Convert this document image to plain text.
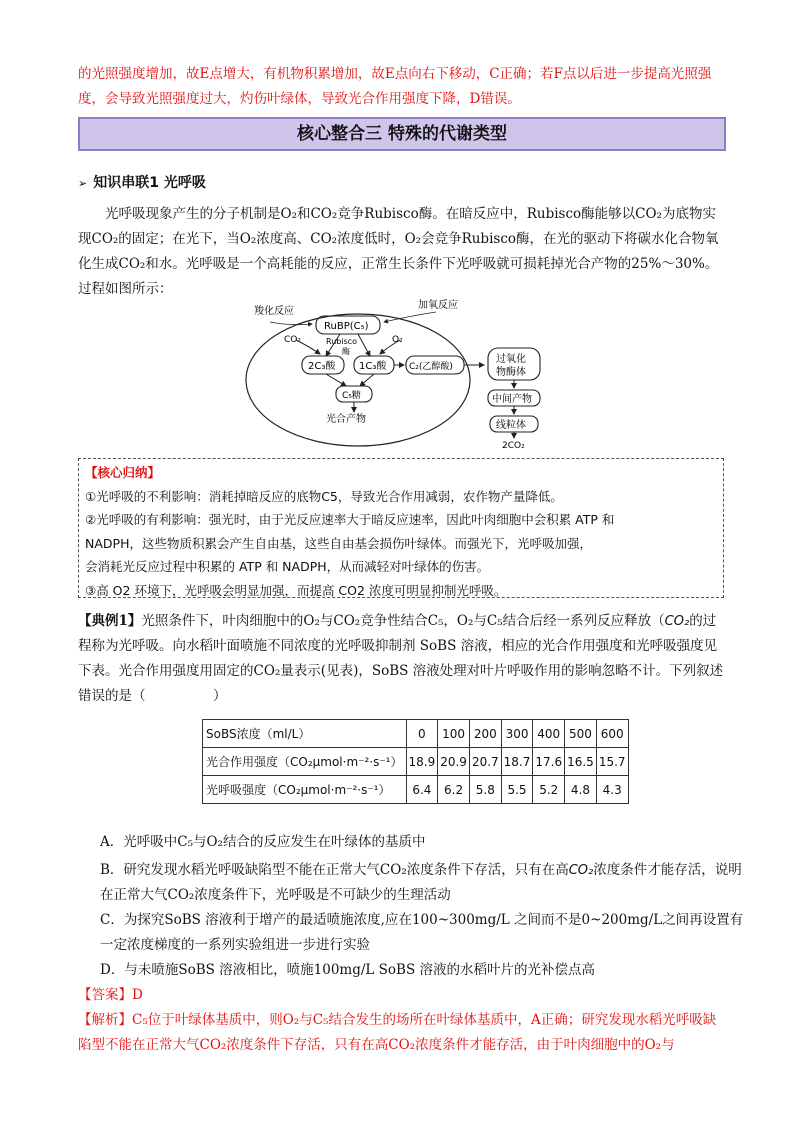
的光照强度增加，故E点增大，有机物积累增加，故E点向右下移动，C正确；若F点以后进一步提高光照强度，会导致光照强度过大，灼伤叶绿体，导致光合作用强度下降，D错误。
核心整合三 特殊的代谢类型
➢ 知识串联1 光呼吸
光呼吸现象产生的分子机制是O₂和CO₂竞争Rubisco酶。在暗反应中，Rubisco酶能够以CO₂为底物实现CO₂的固定；在光下，当O₂浓度高、CO₂浓度低时，O₂会竞争Rubisco酶，在光的驱动下将碳水化合物氧化生成CO₂和水。光呼吸是一个高耗能的反应，正常生长条件下光呼吸就可损耗掉光合产物的25%～30%。过程如图所示：
羧化反应
加氧反应
RuBP(C₅)
Rubisco
酶
CO₂	O₂
2C₃酸 1C₃酸	C₂(乙醇酸)
C₅糖
光合产物
过氧化
物酶体
中间产物
线粒体
2CO₂
【核心归纳】
①光呼吸的不利影响：消耗掉暗反应的底物C5，导致光合作用减弱，农作物产量降低。
②光呼吸的有利影响：强光时，由于光反应速率大于暗反应速率，因此叶肉细胞中会积累 ATP 和
NADPH，这些物质积累会产生自由基，这些自由基会损伤叶绿体。而强光下，光呼吸加强，
会消耗光反应过程中积累的 ATP 和 NADPH，从而减轻对叶绿体的伤害。
③高 O2 环境下，光呼吸会明显加强，而提高 CO2 浓度可明显抑制光呼吸。
【典例1】光照条件下，叶肉细胞中的O₂与CO₂竞争性结合C₅，O₂与C₅结合后经一系列反应释放（CO₂的过程称为光呼吸。向水稻叶面喷施不同浓度的光呼吸抑制剂 SoBS 溶液，相应的光合作用强度和光呼吸强度见下表。光合作用强度用固定的CO₂量表示(见表)，SoBS 溶液处理对叶片呼吸作用的影响忽略不计。下列叙述错误的是（　　　　　）
SoBS浓度（ml/L）	0	100	200	300	400	500	600
光合作用强度（CO₂μmol·m⁻²·s⁻¹）	18.9	20.9	20.7	18.7	17.6	16.5	15.7
光呼吸强度（CO₂μmol·m⁻²·s⁻¹）	6.4	6.2	5.8	5.5	5.2	4.8	4.3
A．光呼吸中C₅与O₂结合的反应发生在叶绿体的基质中
B．研究发现水稻光呼吸缺陷型不能在正常大气CO₂浓度条件下存活，只有在高CO₂浓度条件才能存活，说明在正常大气CO₂浓度条件下，光呼吸是不可缺少的生理活动
C．为探究SoBS 溶液利于增产的最适喷施浓度,应在100~300mg/L 之间而不是0~200mg/L之间再设置有一定浓度梯度的一系列实验组进一步进行实验
D．与未喷施SoBS 溶液相比，喷施100mg/L SoBS 溶液的水稻叶片的光补偿点高
【答案】D
【解析】C₅位于叶绿体基质中，则O₂与C₅结合发生的场所在叶绿体基质中，A正确；研究发现水稻光呼吸缺陷型不能在正常大气CO₂浓度条件下存活，只有在高CO₂浓度条件才能存活，由于叶肉细胞中的O₂与
